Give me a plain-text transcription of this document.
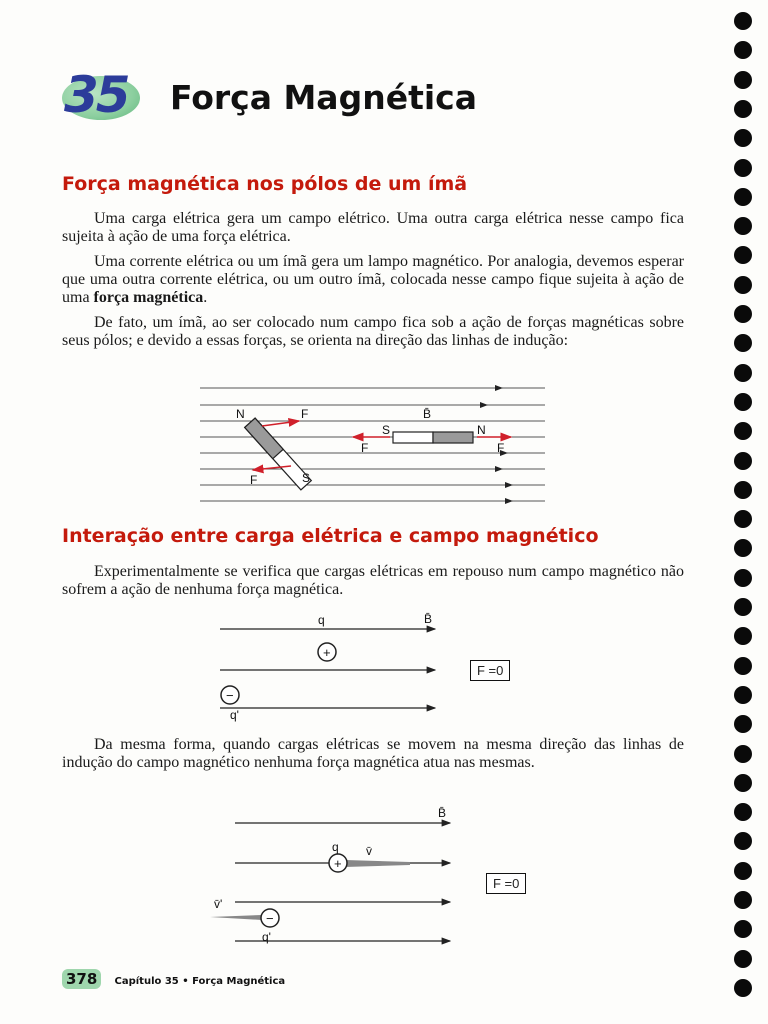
35 Força Magnética
Força magnética nos pólos de um ímã

Uma carga elétrica gera um campo elétrico. Uma outra carga elétrica nesse campo fica sujeita à ação de uma força elétrica.

Uma corrente elétrica ou um ímã gera um lampo magnético. Por analogia, devemos esperar que uma outra corrente elétrica, ou um outro ímã, colocada nesse campo fique sujeita à ação de uma força magnética.

De fato, um ímã, ao ser colocado num campo fica sob a ação de forças magnéticas sobre seus pólos; e devido a essas forças, se orienta na direção das linhas de indução:

N	F
S
F
B̄
S	N
F	F
Interação entre carga elétrica e campo magnético

Experimentalmente se verifica que cargas elétricas em repouso num campo magnético não sofrem a ação de nenhuma força magnética.

+
−
q
q'
B̄
F =0

Da mesma forma, quando cargas elétricas se movem na mesma direção das linhas de indução do campo magnético nenhuma força magnética atua nas mesmas.

+
−
q v̄
v̄'
q'
B̄
F =0
378 Capítulo 35 • Força Magnética
